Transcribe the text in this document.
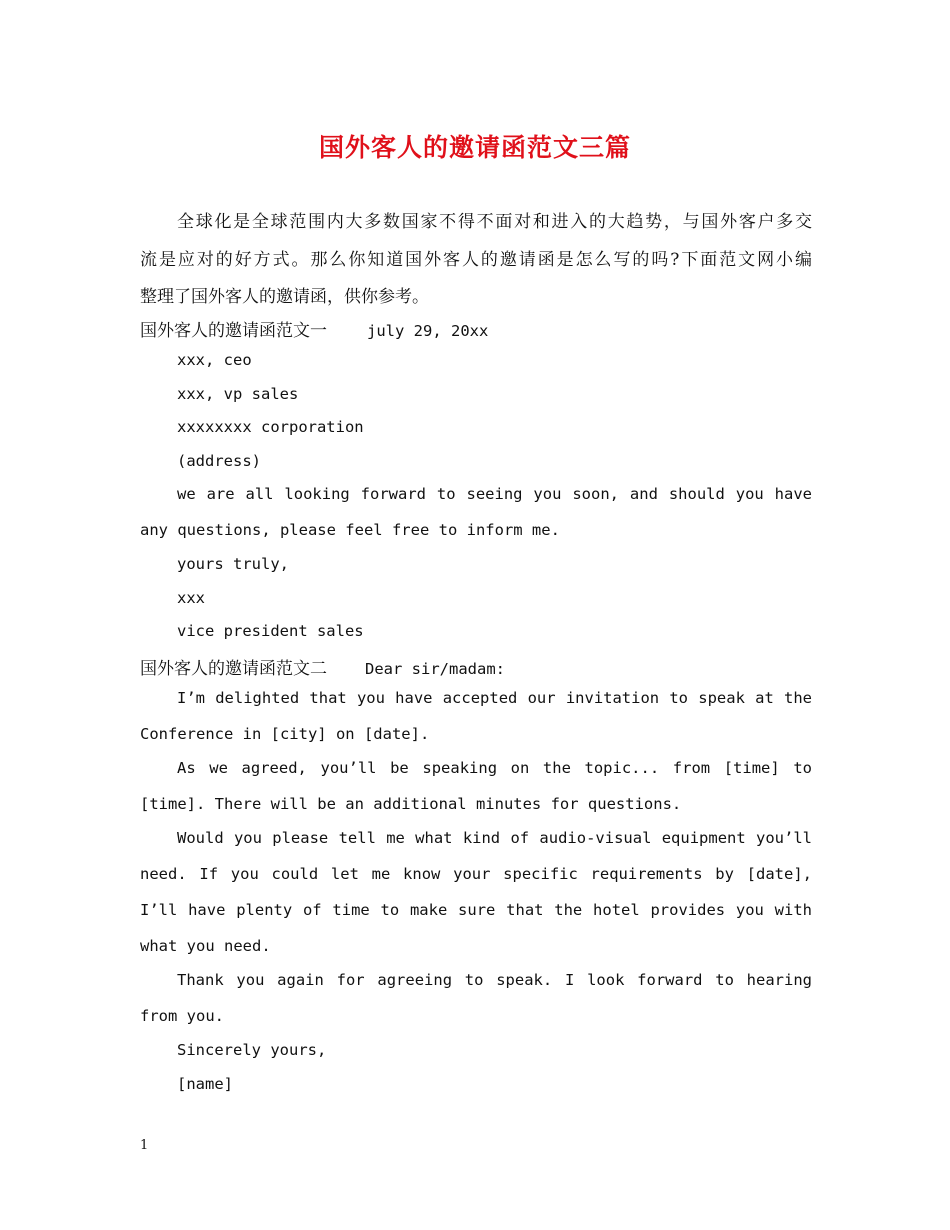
国外客人的邀请函范文三篇
全球化是全球范围内大多数国家不得不面对和进入的大趋势，与国外客户多交
流是应对的好方式。那么你知道国外客人的邀请函是怎么写的吗?下面范文网小编
整理了国外客人的邀请函，供你参考。
国外客人的邀请函范文一	july 29, 20xx
xxx, ceo
xxx, vp sales
xxxxxxxx corporation
(address)
we are all looking forward to seeing you soon, and should you have
any questions, please feel free to inform me.
yours truly,
xxx
vice president sales
国外客人的邀请函范文二 Dear sir/madam:
I’m delighted that you have accepted our invitation to speak at the
Conference in [city] on [date].
As we agreed, you’ll be speaking on the topic... from [time] to
[time]. There will be an additional minutes for questions.
Would you please tell me what kind of audio-visual equipment you’ll
need. If you could let me know your specific requirements by [date],
I’ll have plenty of time to make sure that the hotel provides you with
what you need.
Thank you again for agreeing to speak. I look forward to hearing
from you.
Sincerely yours,
[name]
1
